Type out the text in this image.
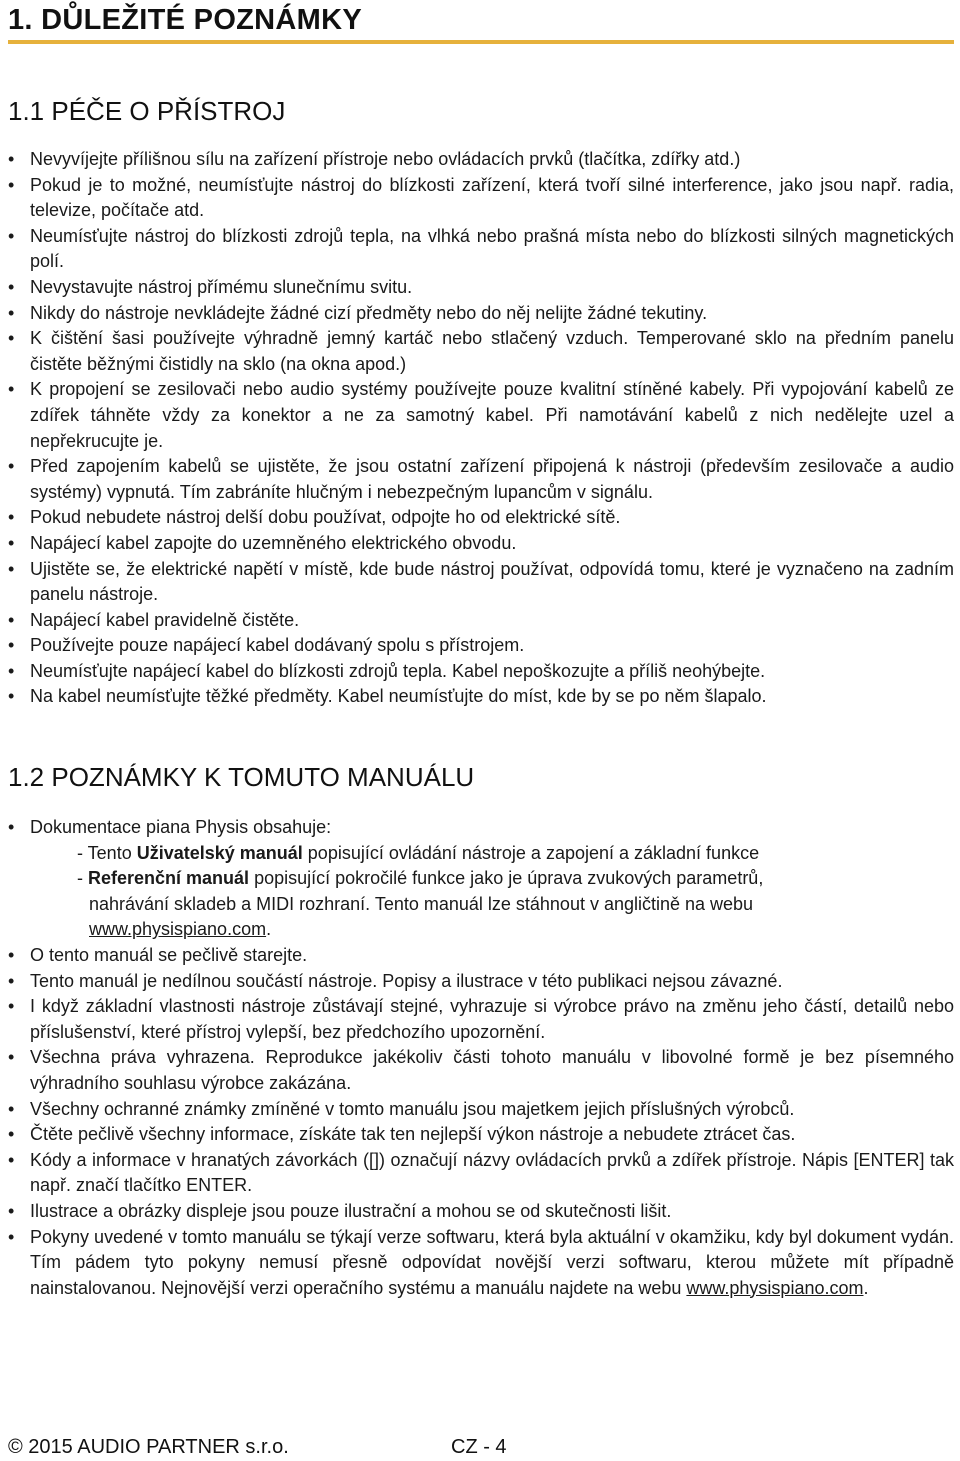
1. DŮLEŽITÉ POZNÁMKY
1.1 PÉČE O PŘÍSTROJ
• Nevyvíjejte přílišnou sílu na zařízení přístroje nebo ovládacích prvků (tlačítka, zdířky atd.)
• Pokud je to možné, neumísťujte nástroj do blízkosti zařízení, která tvoří silné interference, jako jsou např. radia, televize, počítače atd.
• Neumísťujte nástroj do blízkosti zdrojů tepla, na vlhká nebo prašná místa nebo do blízkosti silných magnetických polí.
• Nevystavujte nástroj přímému slunečnímu svitu.
• Nikdy do nástroje nevkládejte žádné cizí předměty nebo do něj nelijte žádné tekutiny.
• K čištění šasi používejte výhradně jemný kartáč nebo stlačený vzduch. Temperované sklo na předním panelu čistěte běžnými čistidly na sklo (na okna apod.)
• K propojení se zesilovači nebo audio systémy používejte pouze kvalitní stíněné kabely. Při vypojování kabelů ze zdířek táhněte vždy za konektor a ne za samotný kabel. Při namotávání kabelů z nich nedělejte uzel a nepřekrucujte je.
• Před zapojením kabelů se ujistěte, že jsou ostatní zařízení připojená k nástroji (především zesilovače a audio systémy) vypnutá. Tím zabráníte hlučným i nebezpečným lupancům v signálu.
• Pokud nebudete nástroj delší dobu používat, odpojte ho od elektrické sítě.
• Napájecí kabel zapojte do uzemněného elektrického obvodu.
• Ujistěte se, že elektrické napětí v místě, kde bude nástroj používat, odpovídá tomu, které je vyznačeno na zadním panelu nástroje.
• Napájecí kabel pravidelně čistěte.
• Používejte pouze napájecí kabel dodávaný spolu s přístrojem.
• Neumísťujte napájecí kabel do blízkosti zdrojů tepla. Kabel nepoškozujte a příliš neohýbejte.
• Na kabel neumísťujte těžké předměty. Kabel neumísťujte do míst, kde by se po něm šlapalo.
1.2 POZNÁMKY K TOMUTO MANUÁLU
• Dokumentace piana Physis obsahuje:
- Tento Uživatelský manuál popisující ovládání nástroje a zapojení a základní funkce
- Referenční manuál popisující pokročilé funkce jako je úprava zvukových parametrů,
nahrávání skladeb a MIDI rozhraní. Tento manuál lze stáhnout v angličtině na webu
www.physispiano.com.
• O tento manuál se pečlivě starejte.
• Tento manuál je nedílnou součástí nástroje. Popisy a ilustrace v této publikaci nejsou závazné.
• I když základní vlastnosti nástroje zůstávají stejné, vyhrazuje si výrobce právo na změnu jeho částí, detailů nebo příslušenství, které přístroj vylepší, bez předchozího upozornění.
• Všechna práva vyhrazena. Reprodukce jakékoliv části tohoto manuálu v libovolné formě je bez písemného výhradního souhlasu výrobce zakázána.
• Všechny ochranné známky zmíněné v tomto manuálu jsou majetkem jejich příslušných výrobců.
• Čtěte pečlivě všechny informace, získáte tak ten nejlepší výkon nástroje a nebudete ztrácet čas.
• Kódy a informace v hranatých závorkách ([]) označují názvy ovládacích prvků a zdířek přístroje. Nápis [ENTER] tak např. značí tlačítko ENTER.
• Ilustrace a obrázky displeje jsou pouze ilustrační a mohou se od skutečnosti lišit.
• Pokyny uvedené v tomto manuálu se týkají verze softwaru, která byla aktuální v okamžiku, kdy byl dokument vydán. Tím pádem tyto pokyny nemusí přesně odpovídat novější verzi softwaru, kterou můžete mít případně nainstalovanou. Nejnovější verzi operačního systému a manuálu najdete na webu www.physispiano.com.
© 2015 AUDIO PARTNER s.r.o.	CZ - 4
